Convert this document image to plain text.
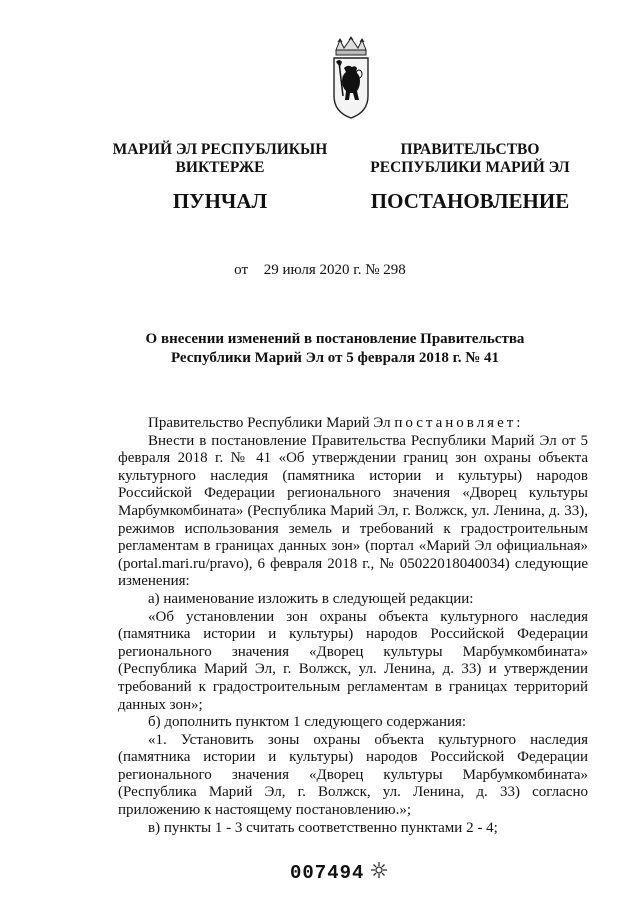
МАРИЙ ЭЛ РЕСПУБЛИКЫН
ВИКТЕРЖЕ
ПУНЧАЛ
ПРАВИТЕЛЬСТВО
РЕСПУБЛИКИ МАРИЙ ЭЛ
ПОСТАНОВЛЕНИЕ
от 29 июля 2020 г. № 298
О внесении изменений в постановление Правительства
Республики Марий Эл от 5 февраля 2018 г. № 41

Правительство Республики Марий Эл постановляет:

Внести в постановление Правительства Республики Марий Эл от 5 февраля 2018 г. № 41 «Об утверждении границ зон охраны объекта культурного наследия (памятника истории и культуры) народов Российской Федерации регионального значения «Дворец культуры Марбумкомбината» (Республика Марий Эл, г. Волжск, ул. Ленина, д. 33), режимов использования земель и требований к градостроительным регламентам в границах данных зон» (портал «Марий Эл официальная» (portal.mari.ru/pravo), 6 февраля 2018 г., № 05022018040034) следующие изменения:

а) наименование изложить в следующей редакции:

«Об установлении зон охраны объекта культурного наследия (памятника истории и культуры) народов Российской Федерации регионального значения «Дворец культуры Марбумкомбината» (Республика Марий Эл, г. Волжск, ул. Ленина, д. 33) и утверждении требований к градостроительным регламентам в границах территорий данных зон»;

б) дополнить пунктом 1 следующего содержания:

«1. Установить зоны охраны объекта культурного наследия (памятника истории и культуры) народов Российской Федерации регионального значения «Дворец культуры Марбумкомбината» (Республика Марий Эл, г. Волжск, ул. Ленина, д. 33) согласно приложению к настоящему постановлению.»;

в) пункты 1 - 3 считать соответственно пунктами 2 - 4;

007494
